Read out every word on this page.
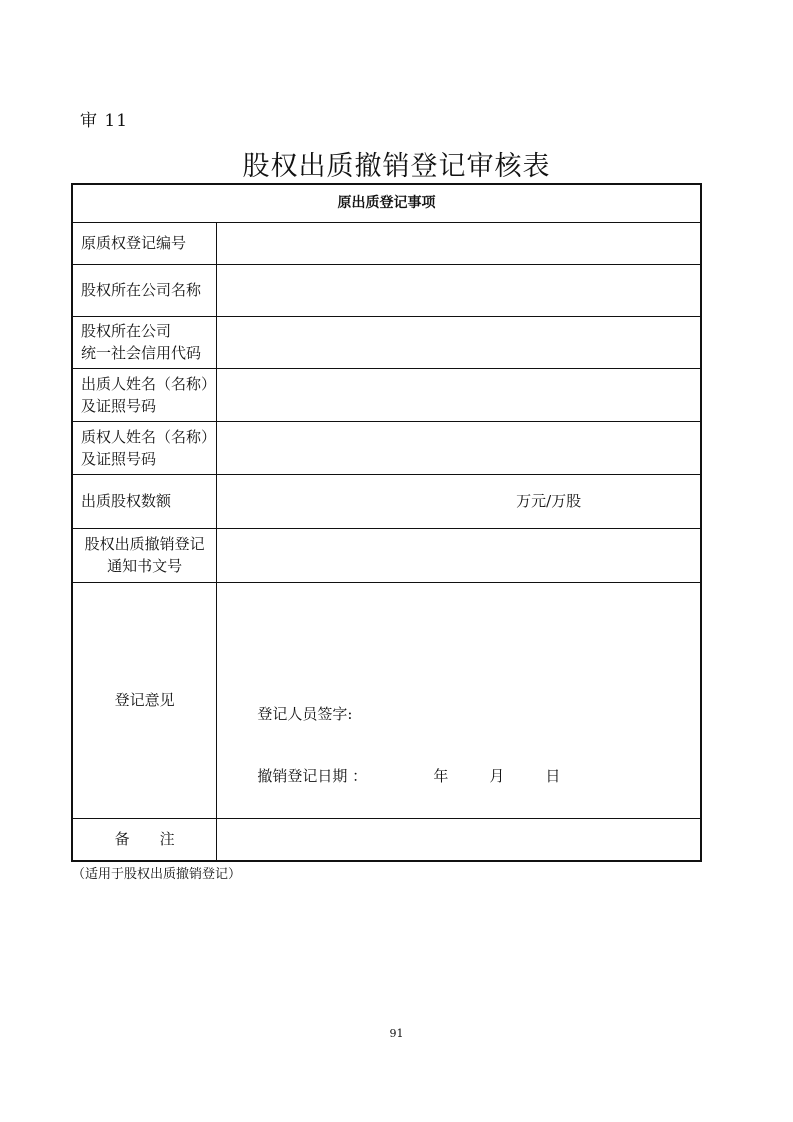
审 11
股权出质撤销登记审核表
原出质登记事项	

原质权登记编号	

股权所在公司名称	

股权所在公司
统一社会信用代码	

出质人姓名（名称）
及证照号码	

质权人姓名（名称）
及证照号码	

出质股权数额	万元/万股

股权出质撤销登记
通知书文号	

登记意见	登记人员签字:
撤销登记日期 ： 年 月 日

备注	
（适用于股权出质撤销登记）
91
